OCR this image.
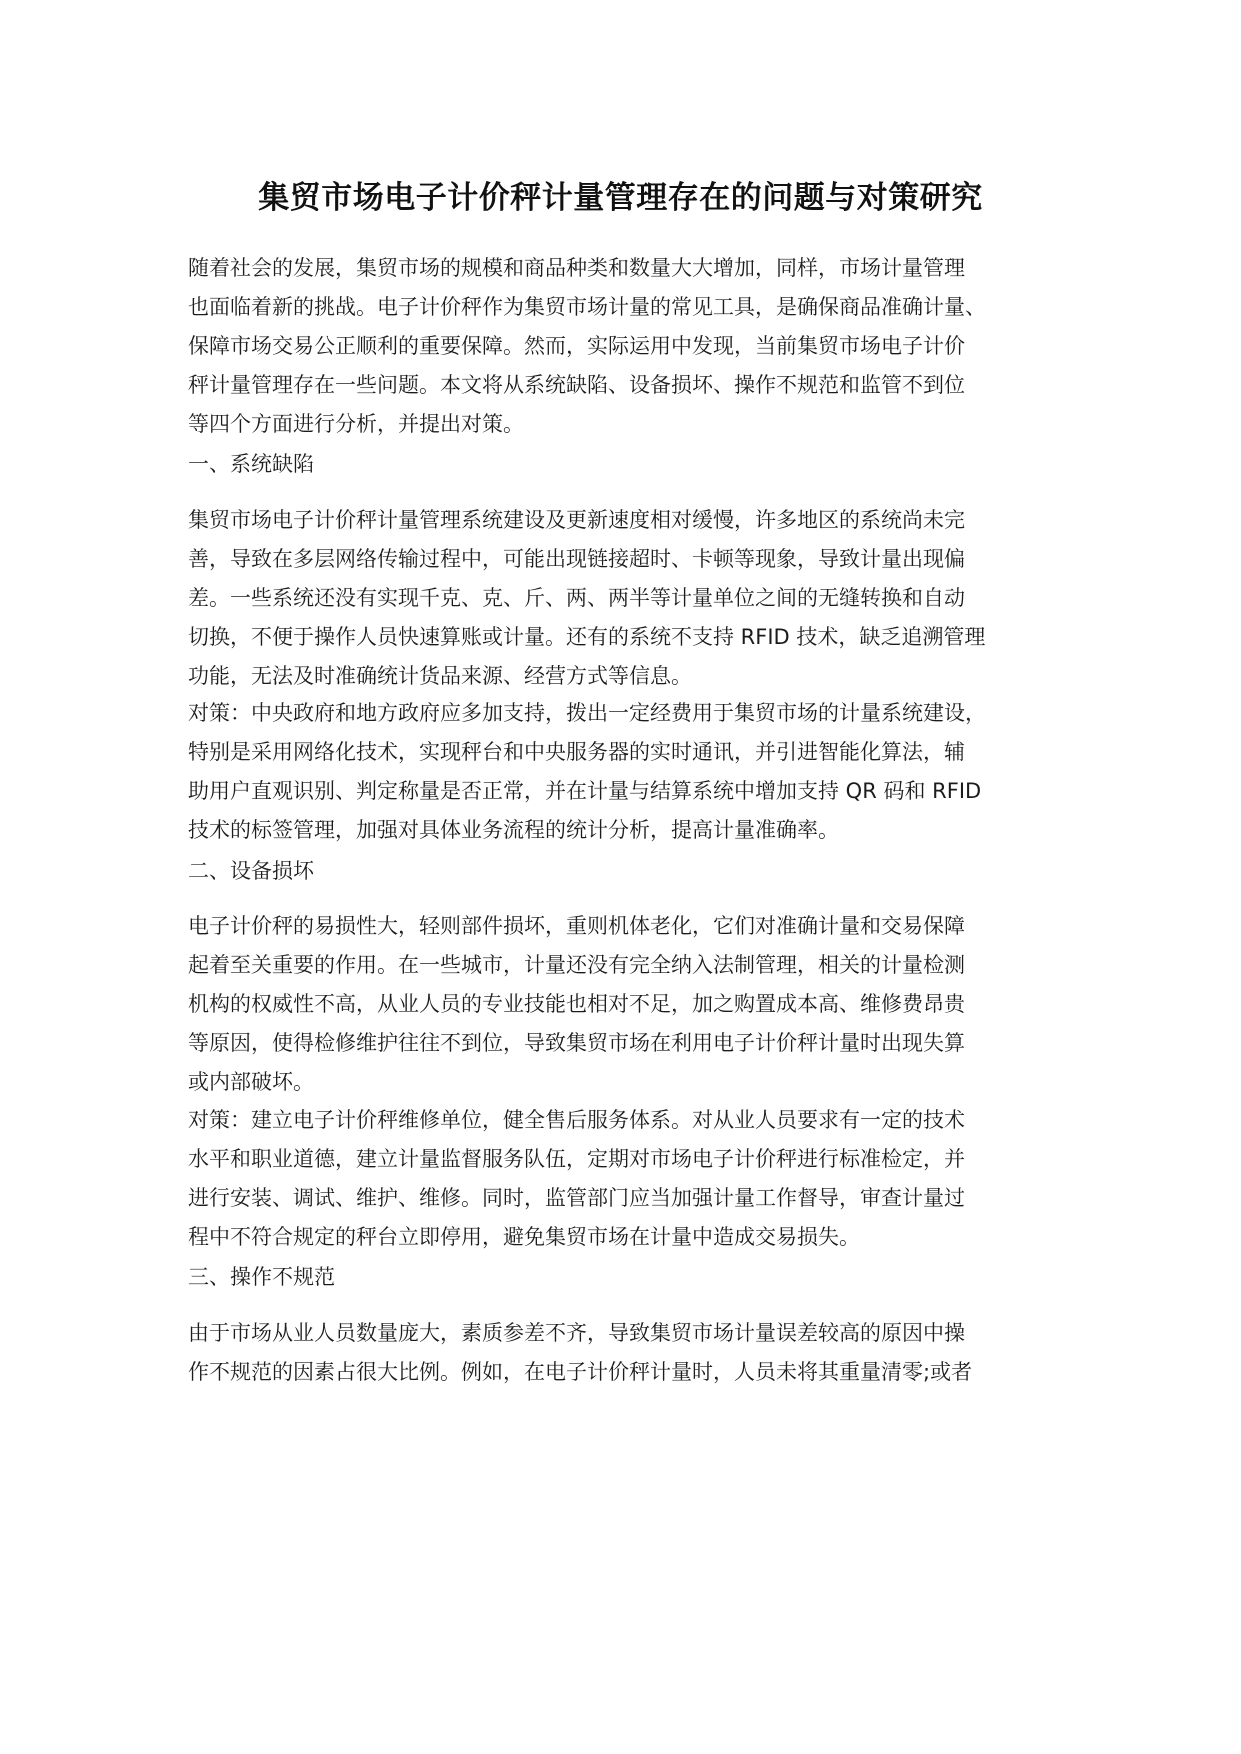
集贸市场电子计价秤计量管理存在的问题与对策研究
随着社会的发展，集贸市场的规模和商品种类和数量大大增加，同样，市场计量管理
也面临着新的挑战。电子计价秤作为集贸市场计量的常见工具，是确保商品准确计量、
保障市场交易公正顺利的重要保障。然而，实际运用中发现，当前集贸市场电子计价
秤计量管理存在一些问题。本文将从系统缺陷、设备损坏、操作不规范和监管不到位
等四个方面进行分析，并提出对策。
一、系统缺陷
集贸市场电子计价秤计量管理系统建设及更新速度相对缓慢，许多地区的系统尚未完
善，导致在多层网络传输过程中，可能出现链接超时、卡顿等现象，导致计量出现偏
差。一些系统还没有实现千克、克、斤、两、两半等计量单位之间的无缝转换和自动
切换，不便于操作人员快速算账或计量。还有的系统不支持 RFID 技术，缺乏追溯管理
功能，无法及时准确统计货品来源、经营方式等信息。
对策：中央政府和地方政府应多加支持，拨出一定经费用于集贸市场的计量系统建设，
特别是采用网络化技术，实现秤台和中央服务器的实时通讯，并引进智能化算法，辅
助用户直观识别、判定称量是否正常，并在计量与结算系统中增加支持 QR 码和 RFID
技术的标签管理，加强对具体业务流程的统计分析，提高计量准确率。
二、设备损坏
电子计价秤的易损性大，轻则部件损坏，重则机体老化，它们对准确计量和交易保障
起着至关重要的作用。在一些城市，计量还没有完全纳入法制管理，相关的计量检测
机构的权威性不高，从业人员的专业技能也相对不足，加之购置成本高、维修费昂贵
等原因，使得检修维护往往不到位，导致集贸市场在利用电子计价秤计量时出现失算
或内部破坏。
对策：建立电子计价秤维修单位，健全售后服务体系。对从业人员要求有一定的技术
水平和职业道德，建立计量监督服务队伍，定期对市场电子计价秤进行标准检定，并
进行安装、调试、维护、维修。同时，监管部门应当加强计量工作督导，审查计量过
程中不符合规定的秤台立即停用，避免集贸市场在计量中造成交易损失。
三、操作不规范
由于市场从业人员数量庞大，素质参差不齐，导致集贸市场计量误差较高的原因中操
作不规范的因素占很大比例。例如，在电子计价秤计量时，人员未将其重量清零;或者
